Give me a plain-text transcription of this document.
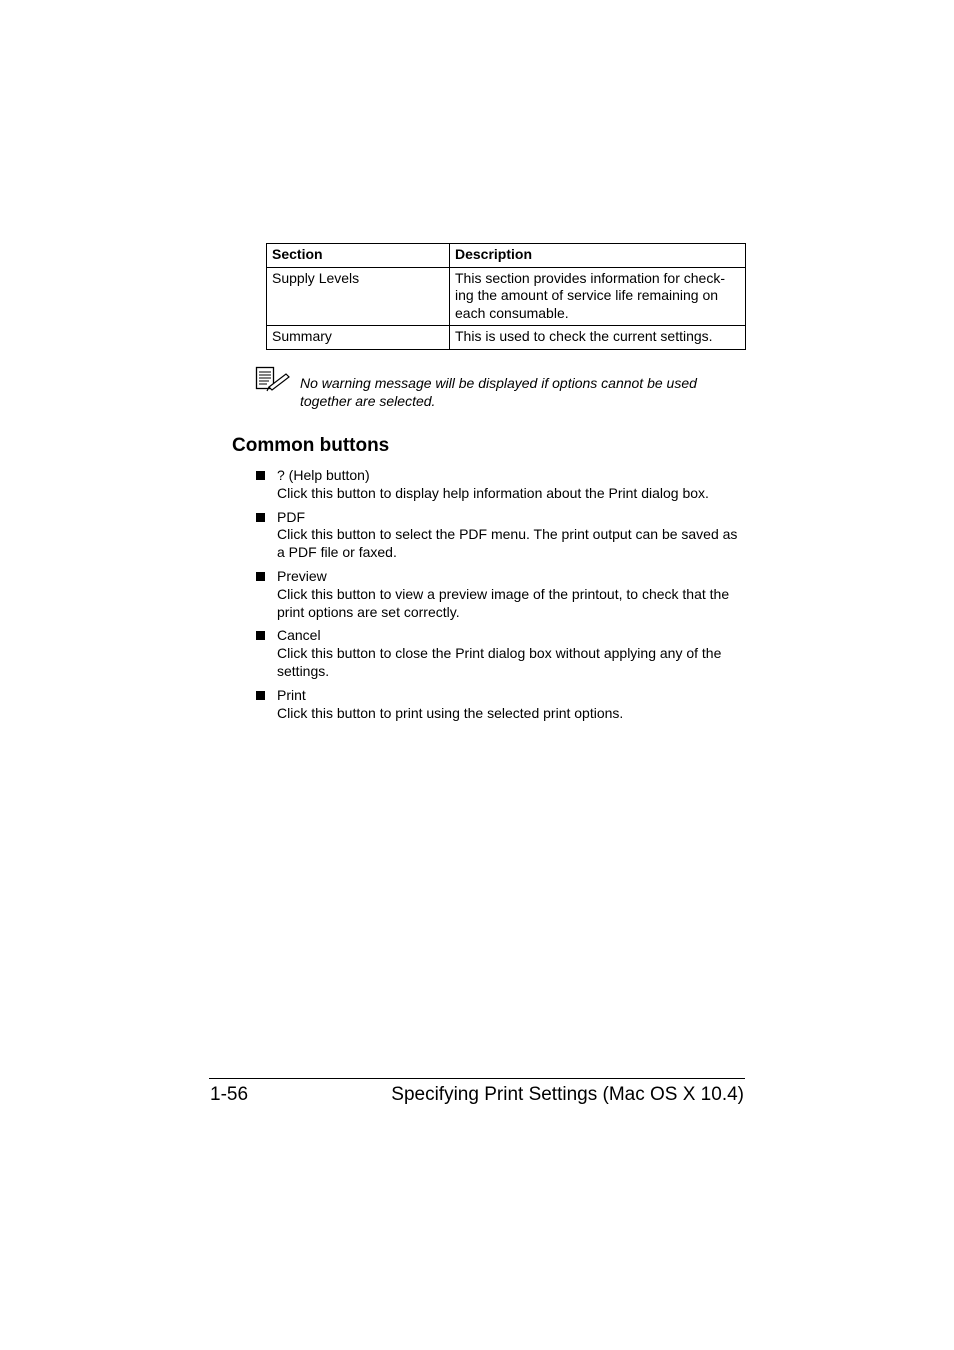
Section	Description
Supply Levels	This section provides information for check-ing the amount of service life remaining on each consumable.
Summary	This is used to check the current settings.
No warning message will be displayed if options cannot be used together are selected.
Common buttons
? (Help button)
Click this button to display help information about the Print dialog box.
PDF
Click this button to select the PDF menu. The print output can be saved as a PDF file or faxed.
Preview
Click this button to view a preview image of the printout, to check that the print options are set correctly.
Cancel
Click this button to close the Print dialog box without applying any of the settings.
Print
Click this button to print using the selected print options.
1-56	Specifying Print Settings (Mac OS X 10.4)
